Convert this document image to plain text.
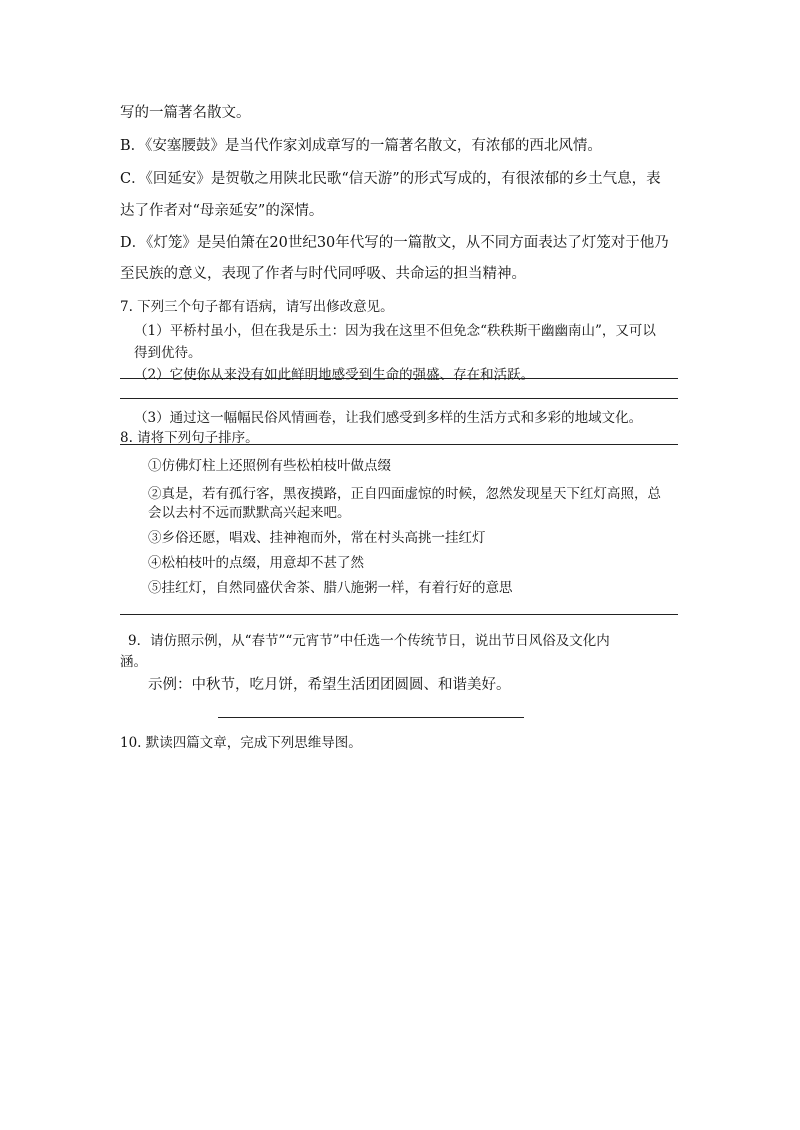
写的一篇著名散文。
B．《安塞腰鼓》是当代作家刘成章写的一篇著名散文，有浓郁的西北风情。
C．《回延安》是贺敬之用陕北民歌“信天游”的形式写成的，有很浓郁的乡土气息，表
达了作者对“母亲延安”的深情。
D．《灯笼》是吴伯箫在20世纪30年代写的一篇散文，从不同方面表达了灯笼对于他乃
至民族的意义，表现了作者与时代同呼吸、共命运的担当精神。
7. 下列三个句子都有语病，请写出修改意见。
（1）平桥村虽小，但在我是乐土：因为我在这里不但免念“秩秩斯干幽幽南山”，又可以
得到优待。
（2）它使你从来没有如此鲜明地感受到生命的强盛、存在和活跃。
（3）通过这一幅幅民俗风情画卷，让我们感受到多样的生活方式和多彩的地域文化。
8. 请将下列句子排序。
①仿佛灯柱上还照例有些松柏枝叶做点缀
②真是，若有孤行客，黑夜摸路，正自四面虚惊的时候，忽然发现星天下红灯高照，总
会以去村不远而默默高兴起来吧。
③乡俗还愿，唱戏、挂神袍而外，常在村头高挑一挂红灯
④松柏枝叶的点缀，用意却不甚了然
⑤挂红灯，自然同盛伏舍茶、腊八施粥一样，有着行好的意思
9．请仿照示例，从“春节”“元宵节”中任选一个传统节日，说出节日风俗及文化内
涵。
示例：中秋节，吃月饼，希望生活团团圆圆、和谐美好。
10. 默读四篇文章，完成下列思维导图。
